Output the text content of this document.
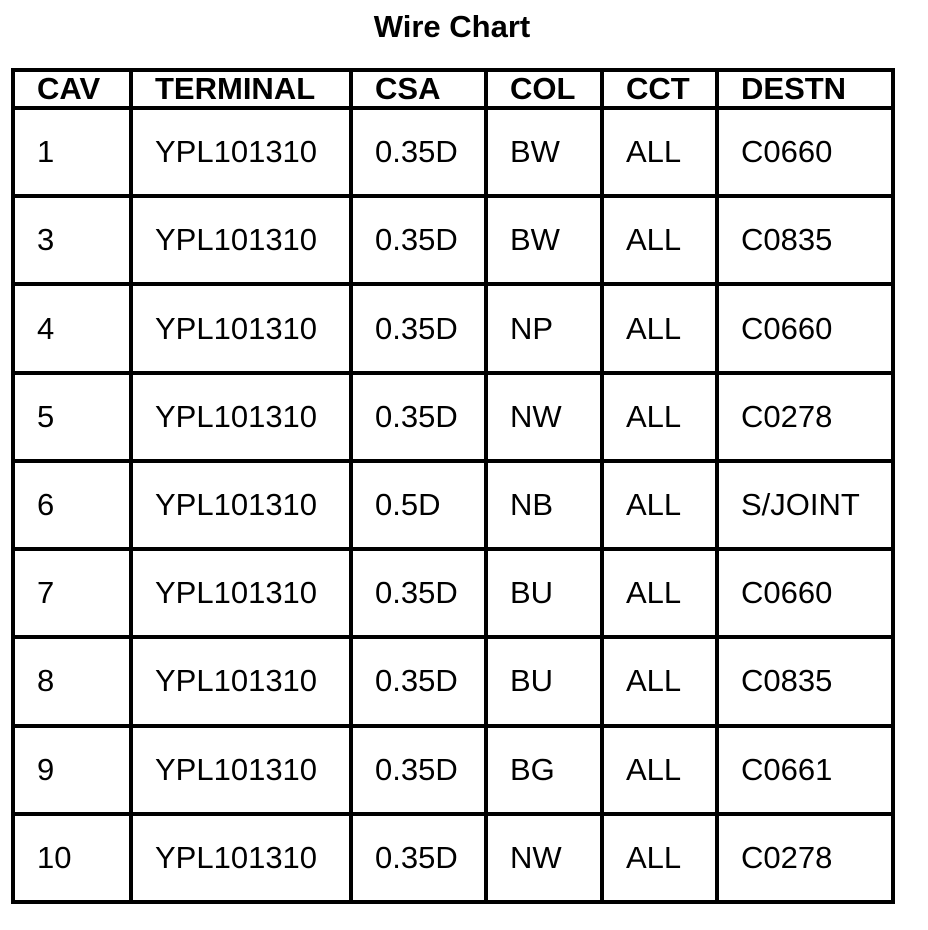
Wire Chart
CAV	TERMINAL	CSA	COL	CCT	DESTN
1	YPL101310	0.35D	BW	ALL	C0660
3	YPL101310	0.35D	BW	ALL	C0835
4	YPL101310	0.35D	NP	ALL	C0660
5	YPL101310	0.35D	NW	ALL	C0278
6	YPL101310	0.5D	NB	ALL	S/JOINT
7	YPL101310	0.35D	BU	ALL	C0660
8	YPL101310	0.35D	BU	ALL	C0835
9	YPL101310	0.35D	BG	ALL	C0661
10	YPL101310	0.35D	NW	ALL	C0278
